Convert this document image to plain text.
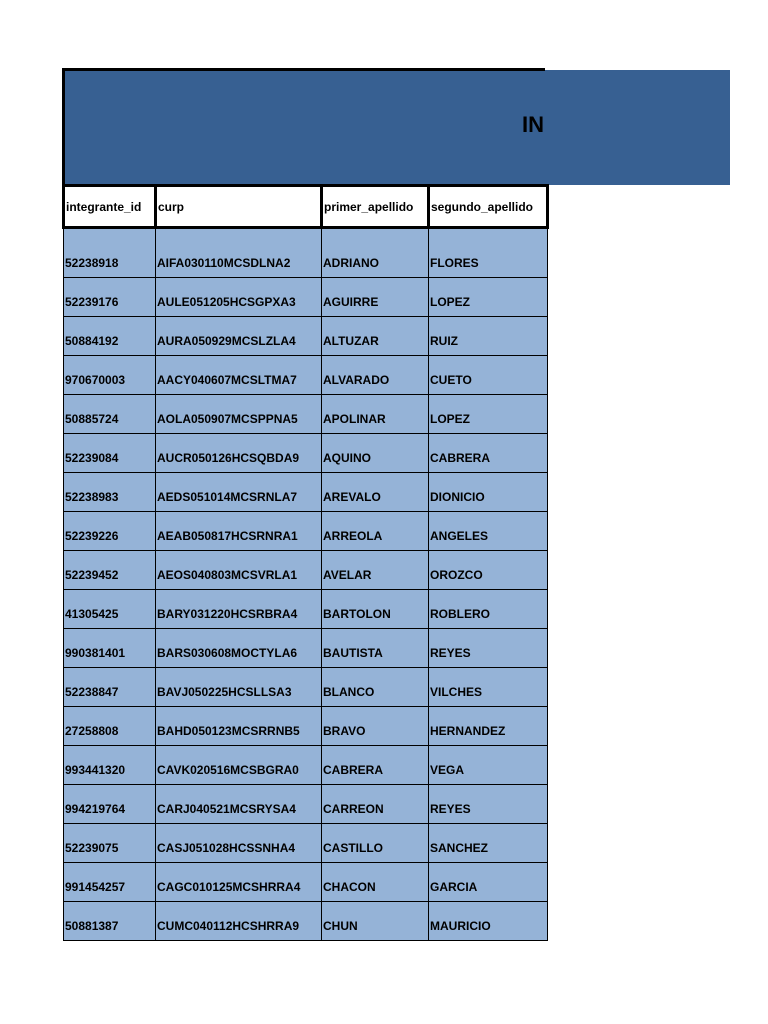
IN
integrante_id	curp	primer_apellido	segundo_apellido
52238918	AIFA030110MCSDLNA2	ADRIANO	FLORES
52239176	AULE051205HCSGPXA3	AGUIRRE	LOPEZ
50884192	AURA050929MCSLZLA4	ALTUZAR	RUIZ
970670003	AACY040607MCSLTMA7	ALVARADO	CUETO
50885724	AOLA050907MCSPPNA5	APOLINAR	LOPEZ
52239084	AUCR050126HCSQBDA9	AQUINO	CABRERA
52238983	AEDS051014MCSRNLA7	AREVALO	DIONICIO
52239226	AEAB050817HCSRNRA1	ARREOLA	ANGELES
52239452	AEOS040803MCSVRLA1	AVELAR	OROZCO
41305425	BARY031220HCSRBRA4	BARTOLON	ROBLERO
990381401	BARS030608MOCTYLA6	BAUTISTA	REYES
52238847	BAVJ050225HCSLLSA3	BLANCO	VILCHES
27258808	BAHD050123MCSRRNB5	BRAVO	HERNANDEZ
993441320	CAVK020516MCSBGRA0	CABRERA	VEGA
994219764	CARJ040521MCSRYSA4	CARREON	REYES
52239075	CASJ051028HCSSNHA4	CASTILLO	SANCHEZ
991454257	CAGC010125MCSHRRA4	CHACON	GARCIA
50881387	CUMC040112HCSHRRA9	CHUN	MAURICIO
